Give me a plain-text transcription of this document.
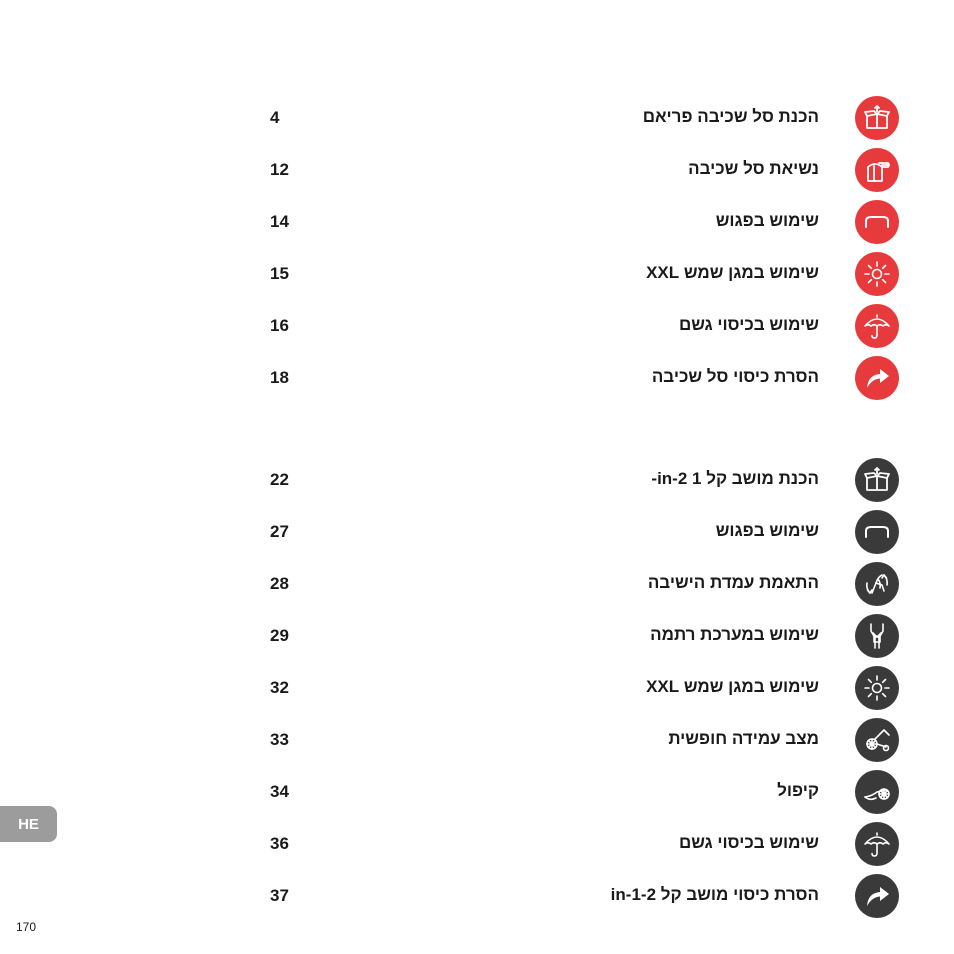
4	הכנת סל שכיבה פריאם
12	נשיאת סל שכיבה
14	שימוש בפגוש
15	שימוש במגן שמש XXL
16	שימוש בכיסוי גשם
18	הסרת כיסוי סל שכיבה
22	הכנת מושב קל 1 2-in-
27	שימוש בפגוש
28	התאמת עמדת הישיבה
29	שימוש במערכת רתמה
32	שימוש במגן שמש XXL
33	מצב עמידה חופשית
34	קיפול
36	שימוש בכיסוי גשם
37	הסרת כיסוי מושב קל 2-in-1
HE
170
